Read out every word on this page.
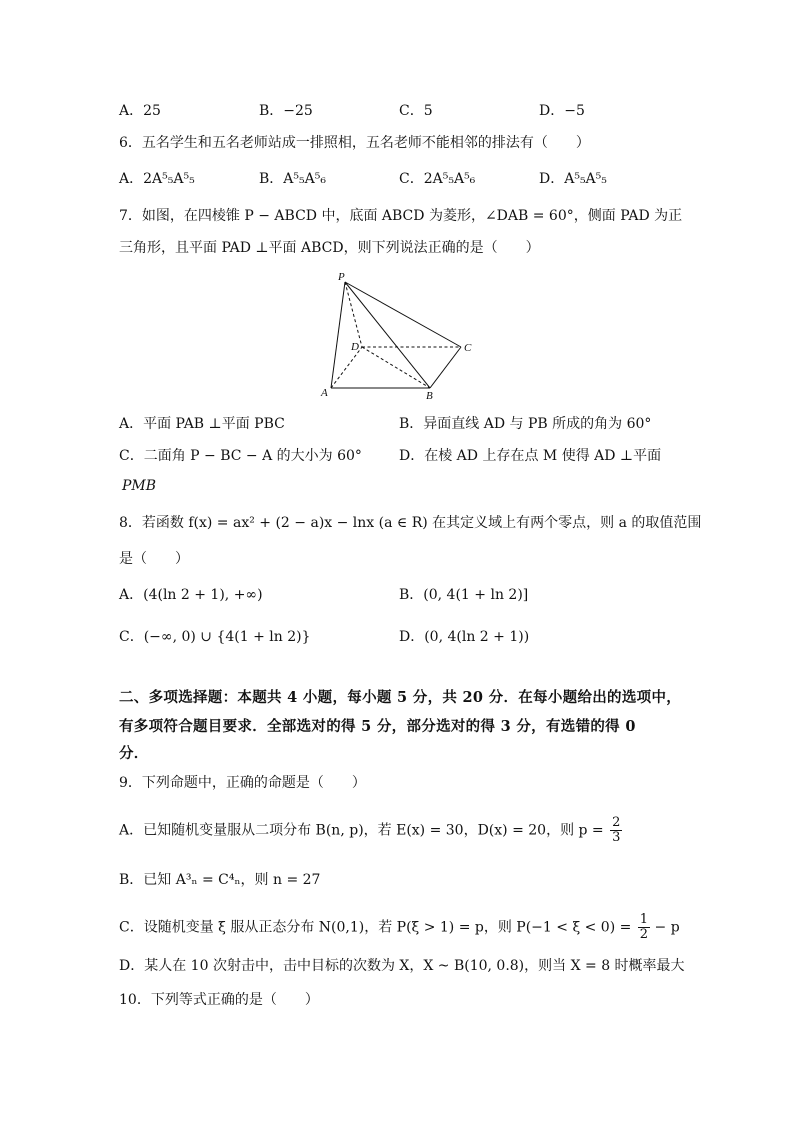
A．25	B．−25	C．5	D．−5
6．五名学生和五名老师站成一排照相，五名老师不能相邻的排法有（　　）
A．2A⁵₅A⁵₅	B．A⁵₅A⁵₆	C．2A⁵₅A⁵₆	D．A⁵₅A⁵₅
7．如图，在四棱锥 P − ABCD 中，底面 ABCD 为菱形，∠DAB = 60°，侧面 PAD 为正
三角形，且平面 PAD ⊥平面 ABCD，则下列说法正确的是（　　）
P
D	C
A	B
A．平面 PAB ⊥平面 PBC	B．异面直线 AD 与 PB 所成的角为 60°
C．二面角 P − BC − A 的大小为 60°	D．在棱 AD 上存在点 M 使得 AD ⊥平面
PMB
8．若函数 f(x) = ax² + (2 − a)x − lnx (a ∈ R) 在其定义域上有两个零点，则 a 的取值范围
是（　　）
A．(4(ln 2 + 1), +∞)	B．(0, 4(1 + ln 2)]
C．(−∞, 0) ∪ {4(1 + ln 2)}	D．(0, 4(ln 2 + 1))
二、多项选择题：本题共 4 小题，每小题 5 分，共 20 分．在每小题给出的选项中，
有多项符合题目要求．全部选对的得 5 分，部分选对的得 3 分，有选错的得 0
分．
9．下列命题中，正确的命题是（　　）
A．已知随机变量服从二项分布 B(n, p)，若 E(x) = 30，D(x) = 20，则 $p = \frac{2}{3}$
B．已知 A³ₙ = C⁴ₙ，则 n = 27
C．设随机变量 ξ 服从正态分布 N(0,1)，若 P(ξ > 1) = p，则 $P(-1 < \xi < 0) = \frac{1}{2} - p$
D．某人在 10 次射击中，击中目标的次数为 X，X ~ B(10, 0.8)，则当 X = 8 时概率最大
10．下列等式正确的是（　　）
